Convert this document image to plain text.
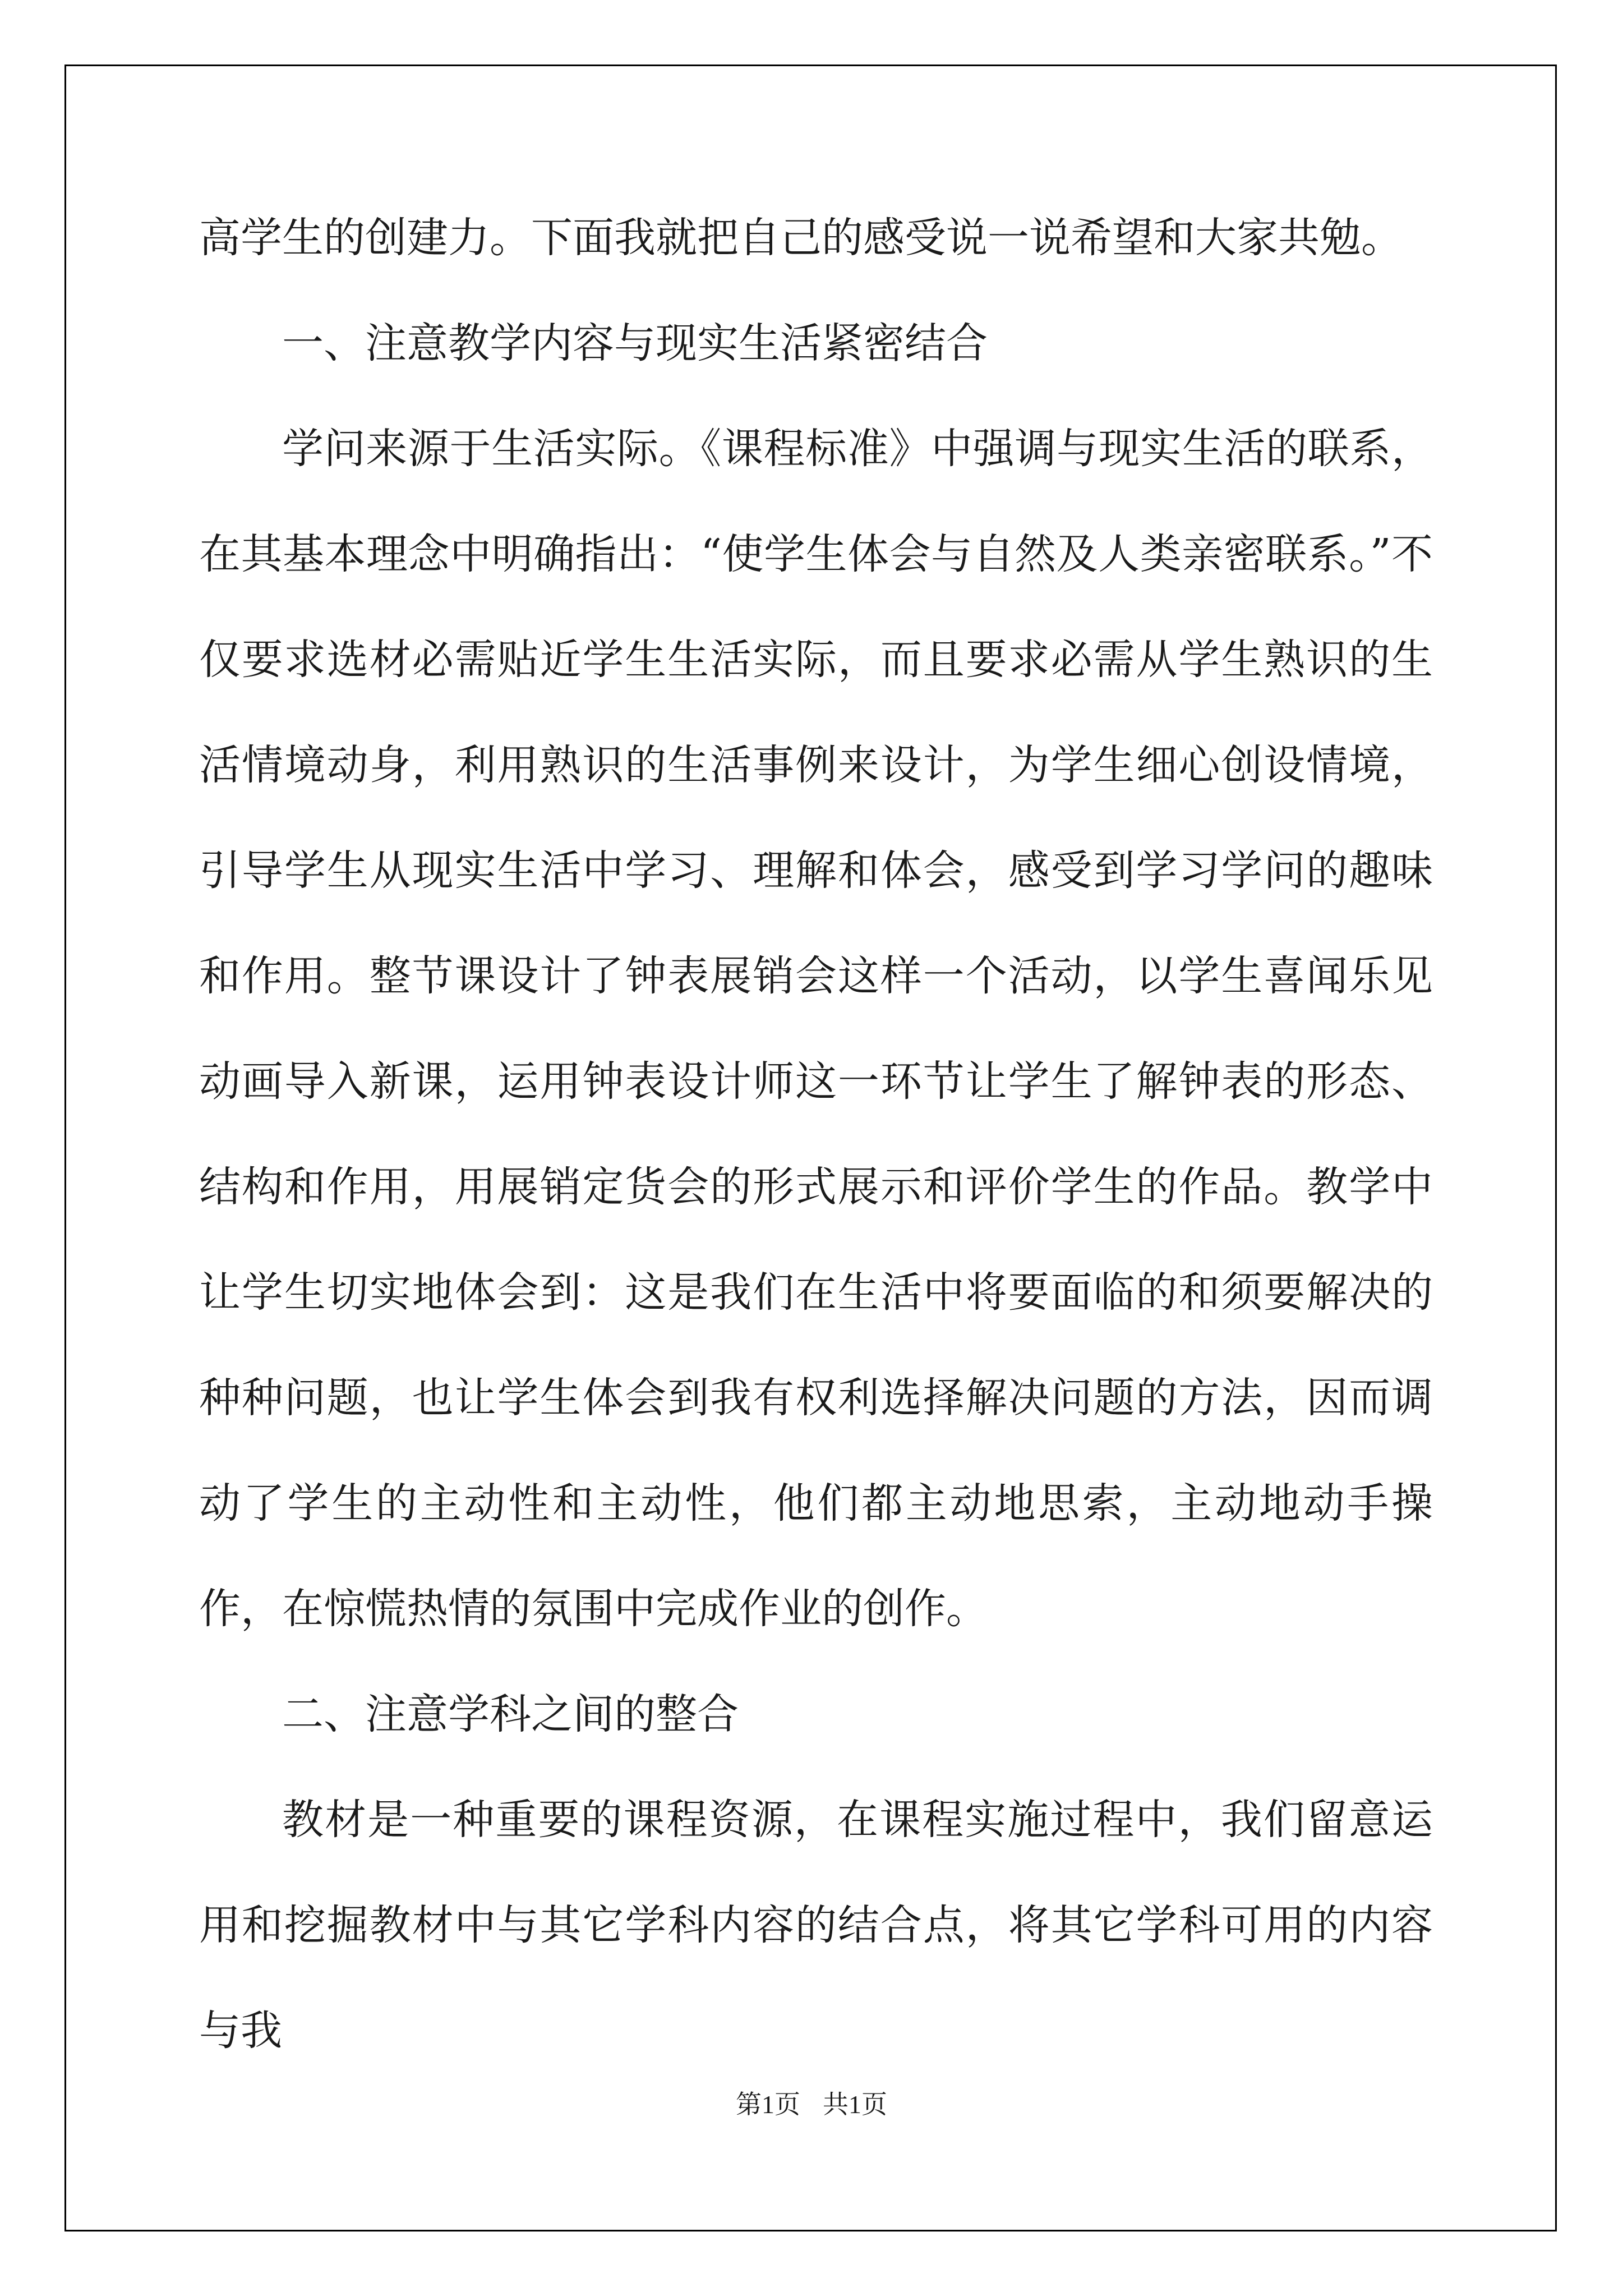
高学生的创建力。下面我就把自己的感受说一说希望和大家共勉。

一、注意教学内容与现实生活紧密结合

学问来源于生活实际。《课程标准》中强调与现实生活的联系，在其基本理念中明确指出：“使学生体会与自然及人类亲密联系。”不仅要求选材必需贴近学生生活实际，而且要求必需从学生熟识的生活情境动身，利用熟识的生活事例来设计，为学生细心创设情境，引导学生从现实生活中学习、理解和体会，感受到学习学问的趣味和作用。整节课设计了钟表展销会这样一个活动，以学生喜闻乐见动画导入新课，运用钟表设计师这一环节让学生了解钟表的形态、结构和作用，用展销定货会的形式展示和评价学生的作品。教学中让学生切实地体会到：这是我们在生活中将要面临的和须要解决的种种问题，也让学生体会到我有权利选择解决问题的方法，因而调动了学生的主动性和主动性，他们都主动地思索，主动地动手操作，在惊慌热情的氛围中完成作业的创作。

二、注意学科之间的整合

教材是一种重要的课程资源，在课程实施过程中，我们留意运用和挖掘教材中与其它学科内容的结合点，将其它学科可用的内容与我

第1页 共1页
